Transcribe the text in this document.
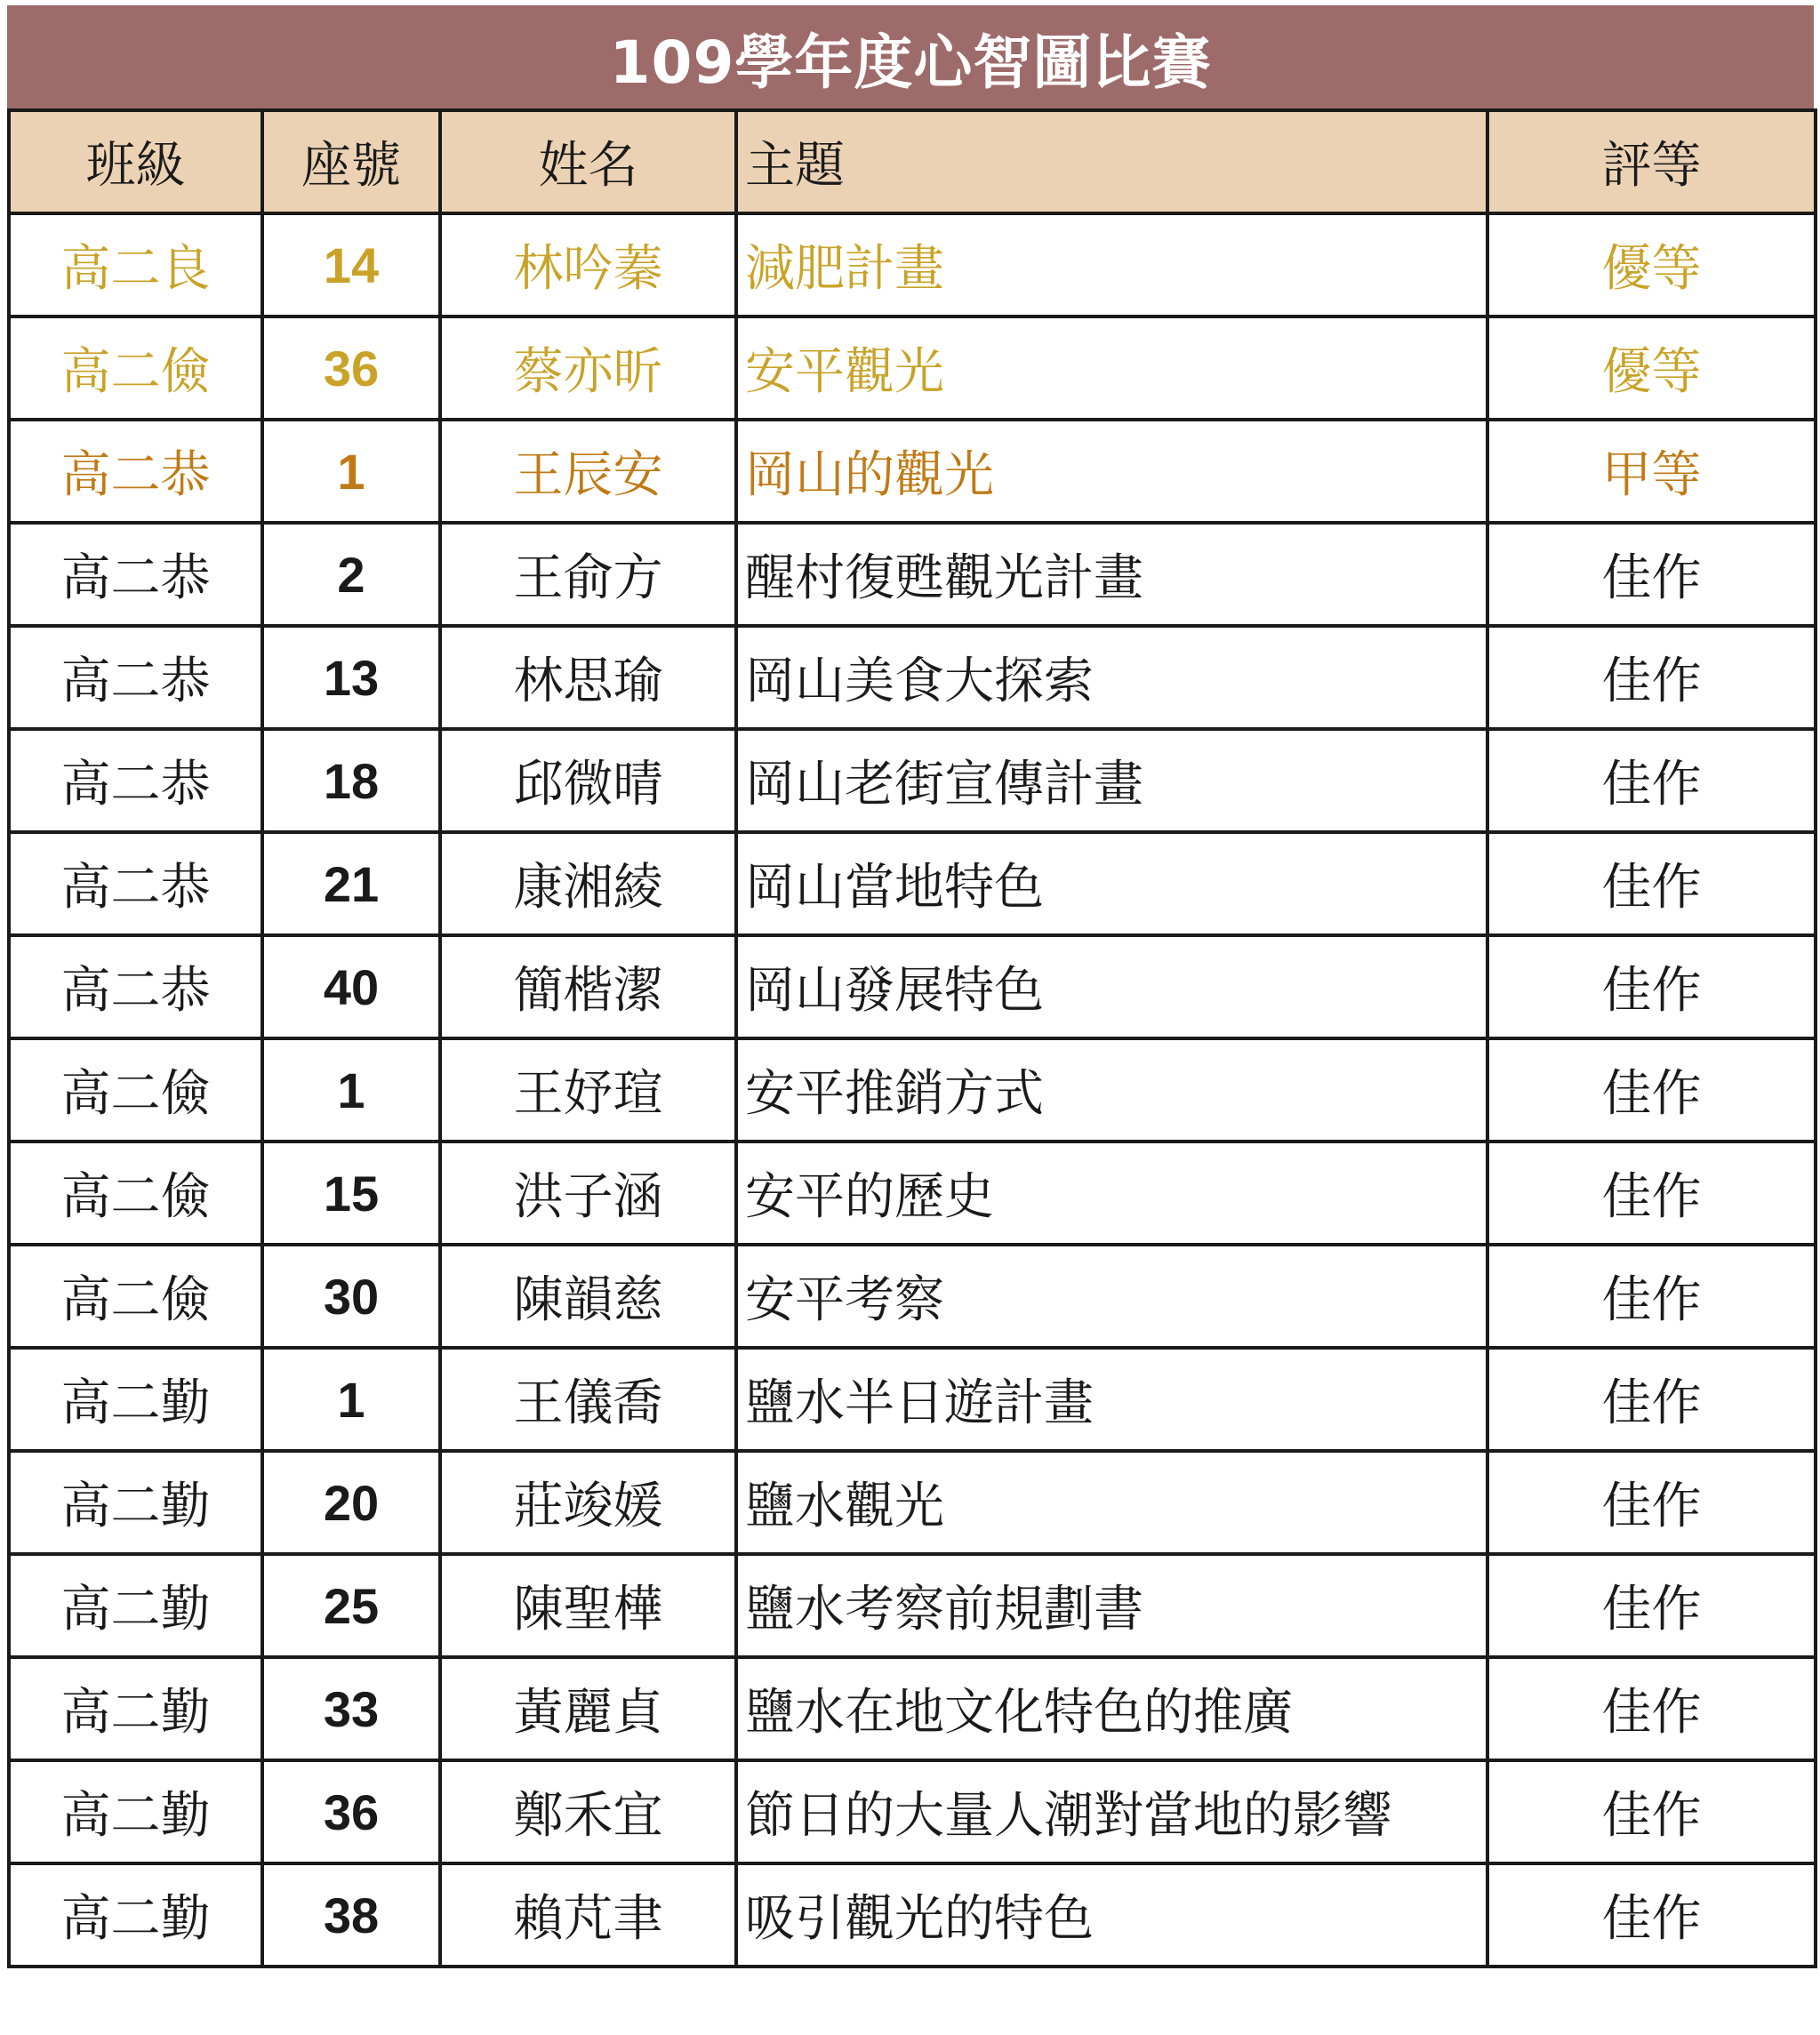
109學年度心智圖比賽
班級	座號	姓名	主題	評等
高二良	14	林吟蓁	減肥計畫	優等
高二儉	36	蔡亦昕	安平觀光	優等
高二恭	1	王辰安	岡山的觀光	甲等
高二恭	2	王俞方	醒村復甦觀光計畫	佳作
高二恭	13	林思瑜	岡山美食大探索	佳作
高二恭	18	邱微晴	岡山老街宣傳計畫	佳作
高二恭	21	康湘綾	岡山當地特色	佳作
高二恭	40	簡楷潔	岡山發展特色	佳作
高二儉	1	王妤瑄	安平推銷方式	佳作
高二儉	15	洪子涵	安平的歷史	佳作
高二儉	30	陳韻慈	安平考察	佳作
高二勤	1	王儀喬	鹽水半日遊計畫	佳作
高二勤	20	莊竣媛	鹽水觀光	佳作
高二勤	25	陳聖樺	鹽水考察前規劃書	佳作
高二勤	33	黃麗貞	鹽水在地文化特色的推廣	佳作
高二勤	36	鄭禾宜	節日的大量人潮對當地的影響	佳作
高二勤	38	賴芃聿	吸引觀光的特色	佳作
